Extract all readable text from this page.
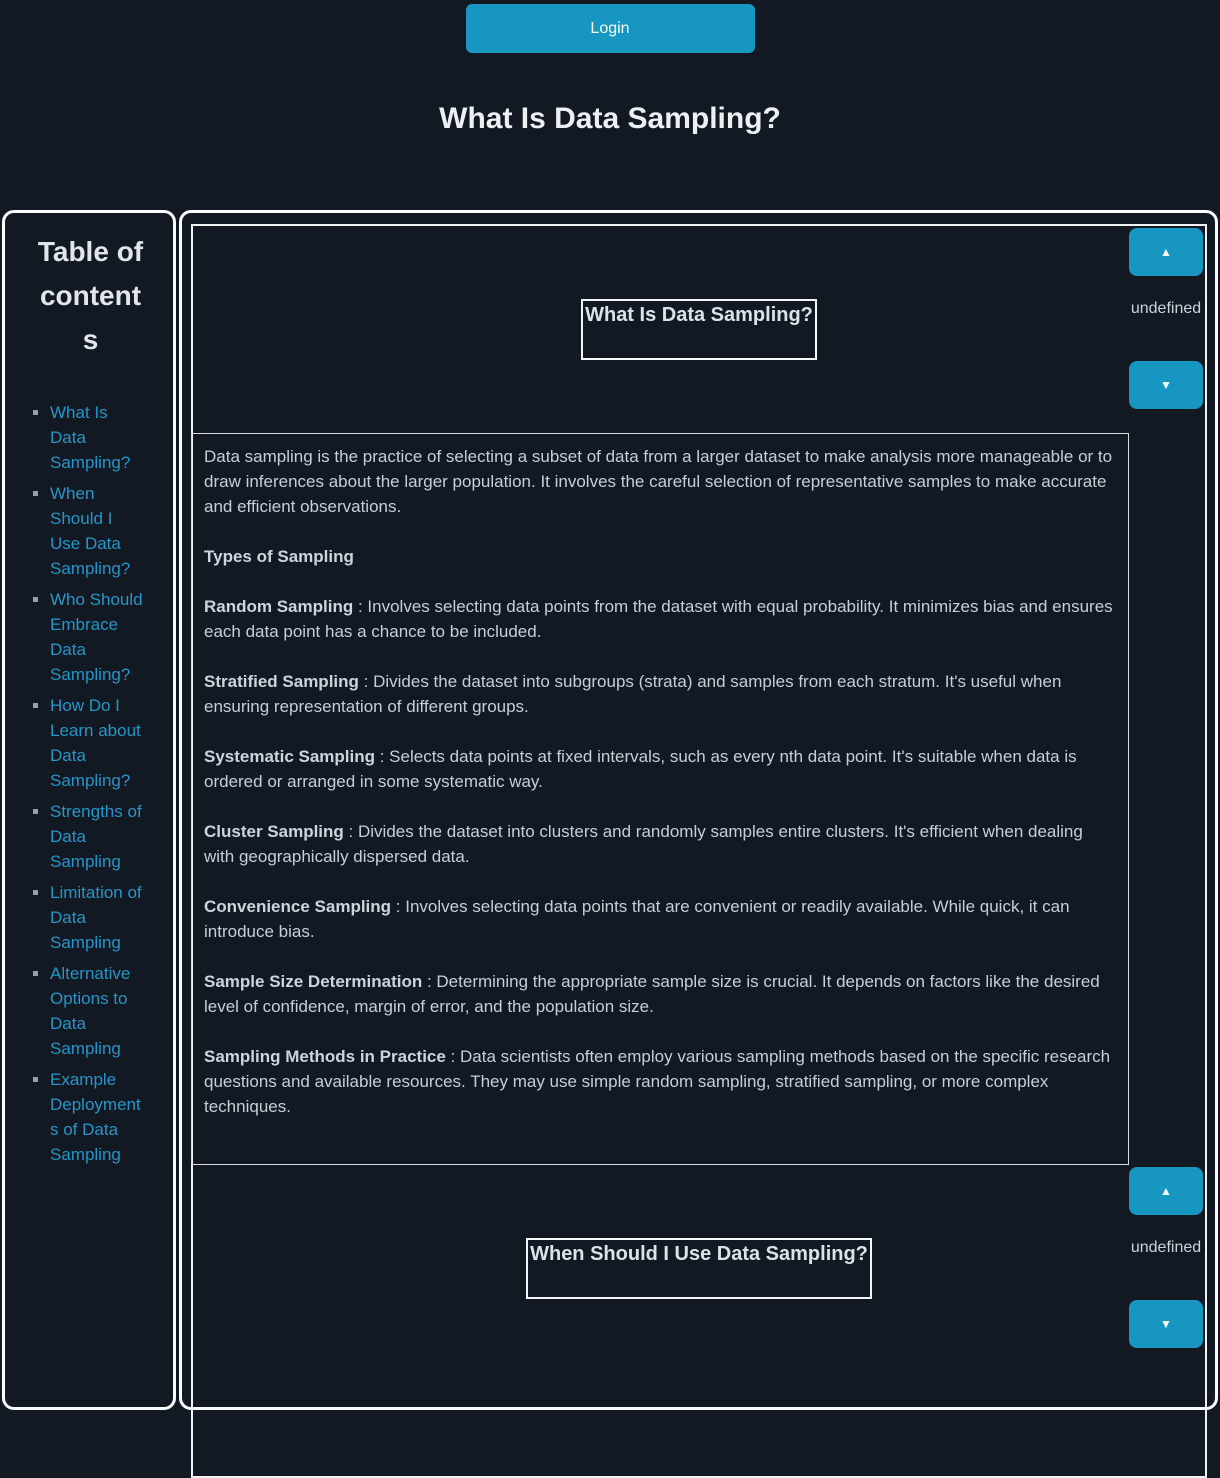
Login
What Is Data Sampling?
Table of contents
▪ What Is Data Sampling?
▪ When Should I Use Data Sampling?
▪ Who Should Embrace Data Sampling?
▪ How Do I Learn about Data Sampling?
▪ Strengths of Data Sampling
▪ Limitation of Data Sampling
▪ Alternative Options to Data Sampling
▪ Example Deployments of Data Sampling
What Is Data Sampling?
▲
undefined
▼

Data sampling is the practice of selecting a subset of data from a larger dataset to make analysis more manageable or to draw inferences about the larger population. It involves the careful selection of representative samples to make accurate and efficient observations.

Types of Sampling

Random Sampling : Involves selecting data points from the dataset with equal probability. It minimizes bias and ensures each data point has a chance to be included.

Stratified Sampling : Divides the dataset into subgroups (strata) and samples from each stratum. It's useful when ensuring representation of different groups.

Systematic Sampling : Selects data points at fixed intervals, such as every nth data point. It's suitable when data is ordered or arranged in some systematic way.

Cluster Sampling : Divides the dataset into clusters and randomly samples entire clusters. It's efficient when dealing with geographically dispersed data.

Convenience Sampling : Involves selecting data points that are convenient or readily available. While quick, it can introduce bias.

Sample Size Determination : Determining the appropriate sample size is crucial. It depends on factors like the desired level of confidence, margin of error, and the population size.

Sampling Methods in Practice : Data scientists often employ various sampling methods based on the specific research questions and available resources. They may use simple random sampling, stratified sampling, or more complex techniques.

When Should I Use Data Sampling?
▲
undefined
▼
